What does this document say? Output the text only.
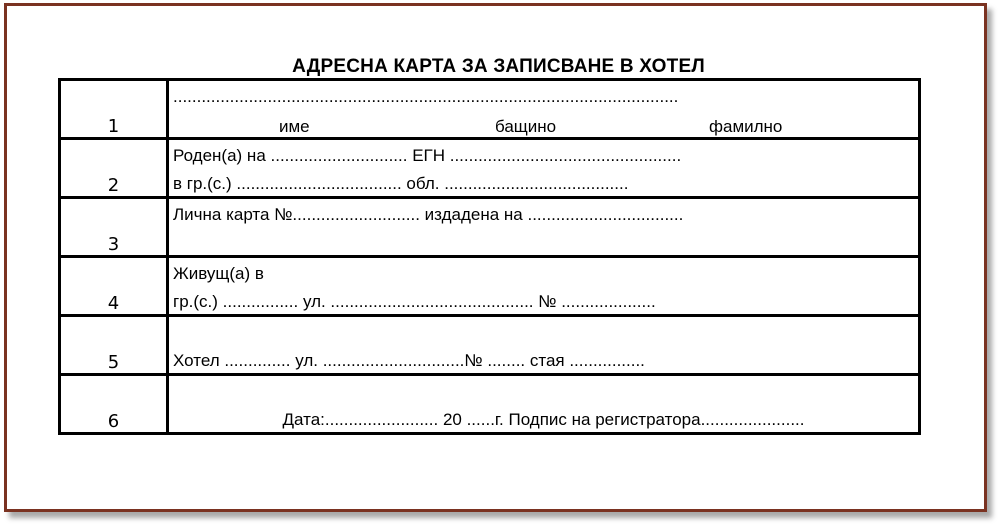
АДРЕСНА КАРТА ЗА ЗАПИСВАНЕ В ХОТЕЛ
1	...........................................................................................................
име бащино фамилно

2	Роден(а) на ............................. ЕГН .................................................
в гр.(с.) ................................... обл. .......................................

3	Лична карта №........................... издадена на .................................

4	Живущ(а) в
гр.(с.) ................ ул. ........................................... № ....................

5	Хотел .............. ул. ..............................№ ........ стая ................

6	Дата:........................ 20 ......г. Подпис на регистратора......................
